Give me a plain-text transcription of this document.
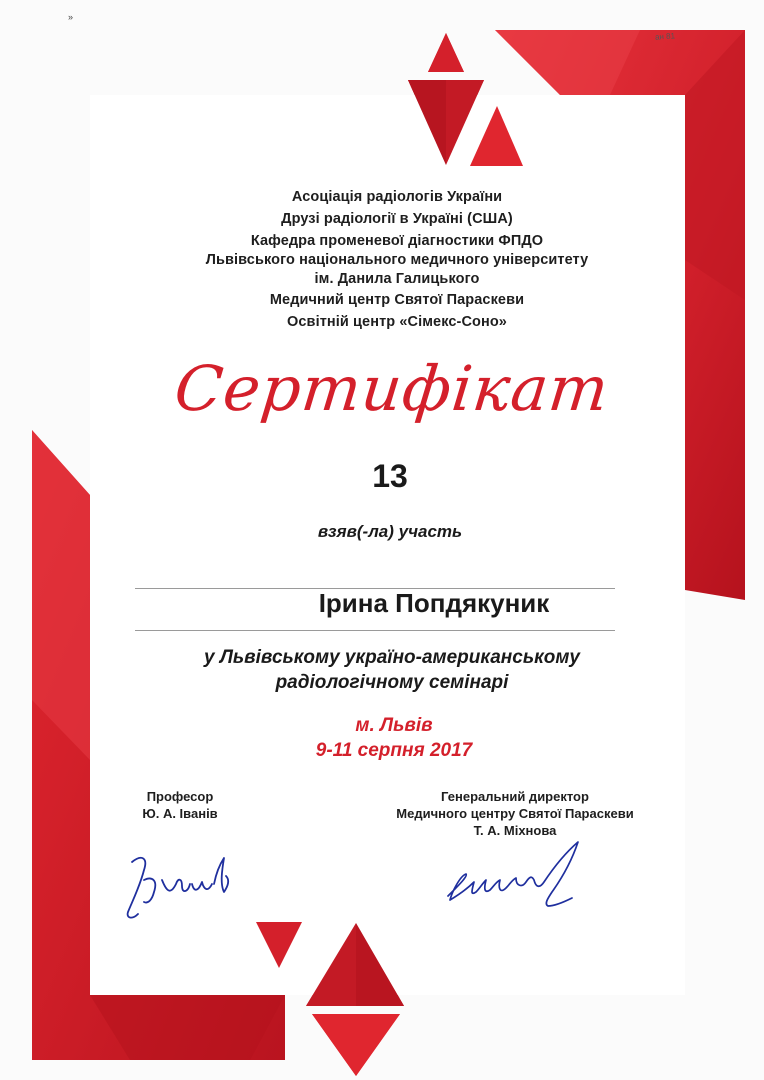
»
ан 81
Асоціація радіологів України
Друзі радіології в Україні (США)
Кафедра променевої діагностики ФПДО
Львівського національного медичного університету
ім. Данила Галицького
Медичний центр Святої Параскеви
Освітній центр «Сімекс-Соно»
Сертифікат
13
взяв(-ла) участь
Ірина Попдякуник
у Львівському україно-американському
радіологічному семінарі
м. Львів
9-11 серпня 2017
Професор
Ю. А. Іванів
Генеральний директор
Медичного центру Святої Параскеви
Т. А. Міхнова
